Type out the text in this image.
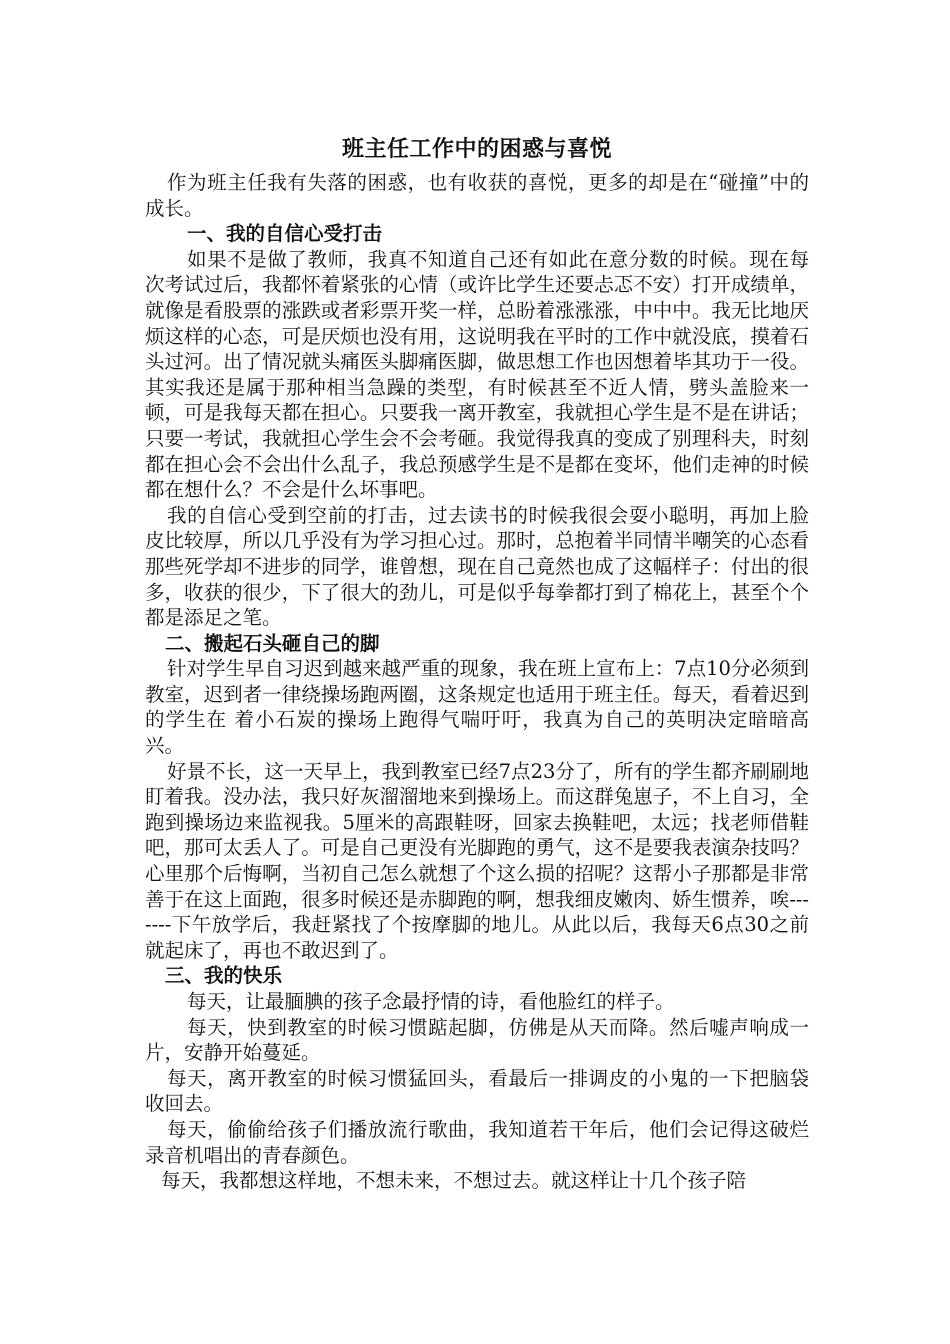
班主任工作中的困惑与喜悦

作为班主任我有失落的困惑，也有收获的喜悦，更多的却是在“碰撞”中的成长。

一、我的自信心受打击

如果不是做了教师，我真不知道自己还有如此在意分数的时候。现在每次考试过后，我都怀着紧张的心情（或许比学生还要忐忑不安）打开成绩单，就像是看股票的涨跌或者彩票开奖一样，总盼着涨涨涨，中中中。我无比地厌烦这样的心态，可是厌烦也没有用，这说明我在平时的工作中就没底，摸着石头过河。出了情况就头痛医头脚痛医脚，做思想工作也因想着毕其功于一役。其实我还是属于那种相当急躁的类型，有时候甚至不近人情，劈头盖脸来一顿，可是我每天都在担心。只要我一离开教室，我就担心学生是不是在讲话；只要一考试，我就担心学生会不会考砸。我觉得我真的变成了别理科夫，时刻都在担心会不会出什么乱子，我总预感学生是不是都在变坏，他们走神的时候都在想什么？不会是什么坏事吧。

我的自信心受到空前的打击，过去读书的时候我很会耍小聪明，再加上脸皮比较厚，所以几乎没有为学习担心过。那时，总抱着半同情半嘲笑的心态看那些死学却不进步的同学，谁曾想，现在自己竟然也成了这幅样子：付出的很多，收获的很少，下了很大的劲儿，可是似乎每拳都打到了棉花上，甚至个个都是添足之笔。

二、搬起石头砸自己的脚

针对学生早自习迟到越来越严重的现象，我在班上宣布上：7点10分必须到教室，迟到者一律绕操场跑两圈，这条规定也适用于班主任。每天，看着迟到的学生在 着小石炭的操场上跑得气喘吁吁，我真为自己的英明决定暗暗高兴。

好景不长，这一天早上，我到教室已经7点23分了，所有的学生都齐刷刷地盯着我。没办法，我只好灰溜溜地来到操场上。而这群兔崽子，不上自习，全跑到操场边来监视我。5厘米的高跟鞋呀，回家去换鞋吧，太远；找老师借鞋吧，那可太丢人了。可是自己更没有光脚跑的勇气，这不是要我表演杂技吗？心里那个后悔啊，当初自己怎么就想了个这么损的招呢？这帮小子那都是非常善于在这上面跑，很多时候还是赤脚跑的啊，想我细皮嫩肉、娇生惯养，唉-------下午放学后，我赶紧找了个按摩脚的地儿。从此以后，我每天6点30之前就起床了，再也不敢迟到了。

三、我的快乐

每天，让最腼腆的孩子念最抒情的诗，看他脸红的样子。

每天，快到教室的时候习惯踮起脚，仿佛是从天而降。然后嘘声响成一片，安静开始蔓延。

每天，离开教室的时候习惯猛回头，看最后一排调皮的小鬼的一下把脑袋收回去。

每天，偷偷给孩子们播放流行歌曲，我知道若干年后，他们会记得这破烂录音机唱出的青春颜色。

每天，我都想这样地，不想未来，不想过去。就这样让十几个孩子陪
